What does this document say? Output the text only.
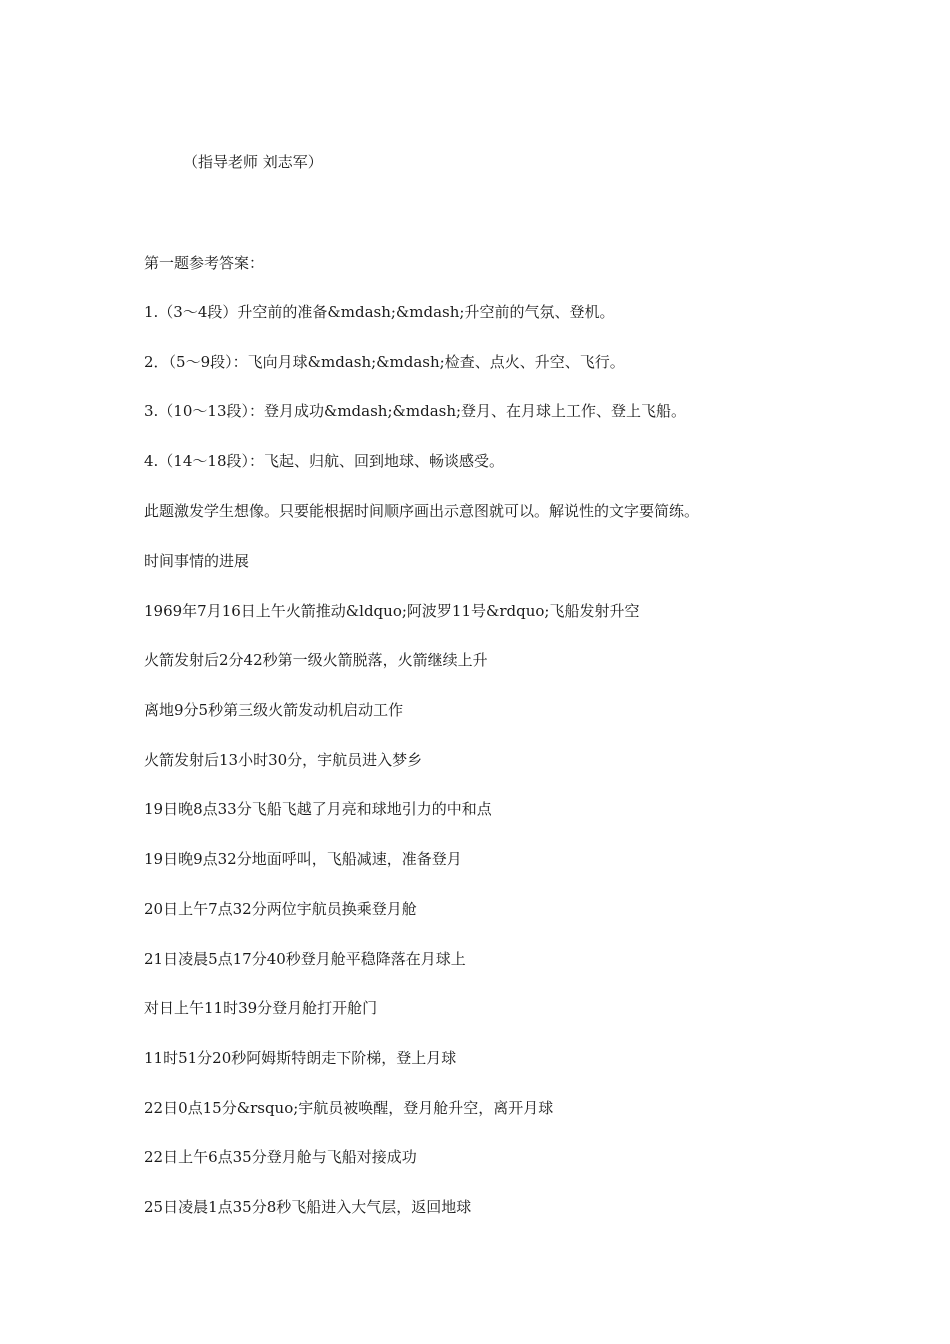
（指导老师 刘志军）
第一题参考答案：
1.（3～4段）升空前的准备&mdash;&mdash;升空前的气氛、登机。
2．（5～9段）：飞向月球&mdash;&mdash;检查、点火、升空、飞行。
3.（10～13段）：登月成功&mdash;&mdash;登月、在月球上工作、登上飞船。
4.（14～18段）：飞起、归航、回到地球、畅谈感受。
此题激发学生想像。只要能根据时间顺序画出示意图就可以。解说性的文字要简练。
时间事情的进展
1969年7月16日上午火箭推动&ldquo;阿波罗11号&rdquo;飞船发射升空
火箭发射后2分42秒第一级火箭脱落，火箭继续上升
离地9分5秒第三级火箭发动机启动工作
火箭发射后13小时30分，宇航员进入梦乡
19日晚8点33分飞船飞越了月亮和球地引力的中和点
19日晚9点32分地面呼叫，飞船减速，准备登月
20日上午7点32分两位宇航员换乘登月舱
21日凌晨5点17分40秒登月舱平稳降落在月球上
对日上午11时39分登月舱打开舱门
11时51分20秒阿姆斯特朗走下阶梯，登上月球
22日0点15分&rsquo;宇航员被唤醒，登月舱升空，离开月球
22日上午6点35分登月舱与飞船对接成功
25日凌晨1点35分8秒飞船进入大气层，返回地球
